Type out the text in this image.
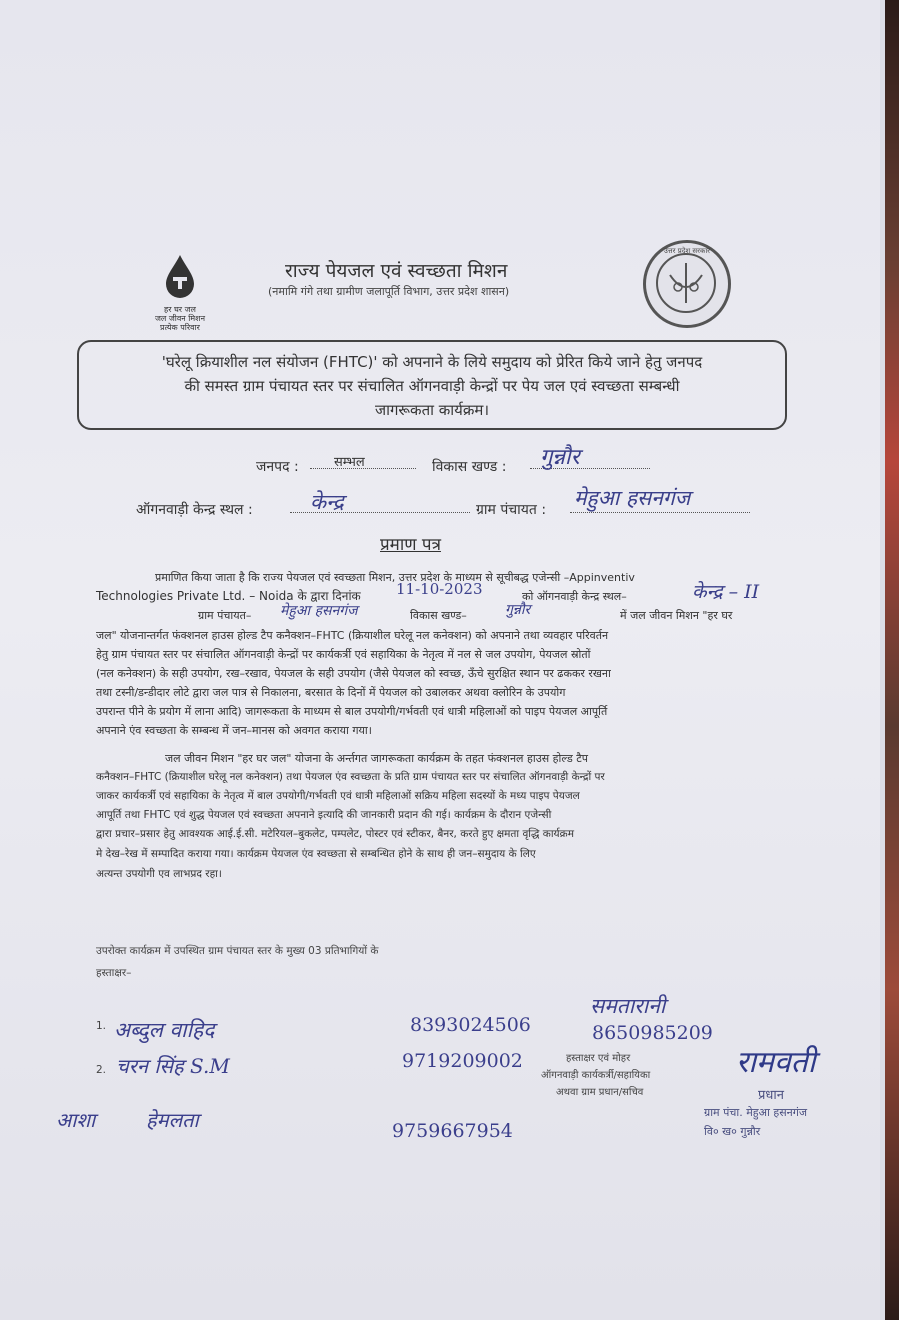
हर घर जल
जल जीवन मिशन
प्रत्येक परिवार
राज्य पेयजल एवं स्वच्छता मिशन
(नमामि गंगे तथा ग्रामीण जलापूर्ति विभाग, उत्तर प्रदेश शासन)
उत्तर प्रदेश सरकार
'घरेलू क्रियाशील नल संयोजन (FHTC)' को अपनाने के लिये समुदाय को प्रेरित किये जाने हेतु जनपद
की समस्त ग्राम पंचायत स्तर पर संचालित ऑगनवाड़ी केन्द्रों पर पेय जल एवं स्वच्छता सम्बन्धी
जागरूकता कार्यक्रम।
जनपद :	सम्भल	विकास खण्ड : गुन्नौर
ऑगनवाड़ी केन्द्र स्थल :	केन्द्र	ग्राम पंचायत : मेहुआ हसनगंज
प्रमाण पत्र
प्रमाणित किया जाता है कि राज्य पेयजल एवं स्वच्छता मिशन, उत्तर प्रदेश के माध्यम से सूचीबद्ध एजेन्सी –Appinventiv
Technologies Private Ltd. – Noida के द्वारा दिनांक 11-10-2023	को ऑगनवाड़ी केन्द्र स्थल–	केन्द्र – II
ग्राम पंचायत– मेहुआ हसनगंज	विकास खण्ड–	गुन्नौर	में जल जीवन मिशन "हर घर
जल" योजनान्तर्गत फंक्शनल हाउस होल्ड टैप कनैक्शन–FHTC (क्रियाशील घरेलू नल कनेक्शन) को अपनाने तथा व्यवहार परिवर्तन
हेतु ग्राम पंचायत स्तर पर संचालित ऑगनवाड़ी केन्द्रों पर कार्यकर्त्री एवं सहायिका के नेतृत्व में नल से जल उपयोग, पेयजल स्रोतों
(नल कनेक्शन) के सही उपयोग, रख–रखाव, पेयजल के सही उपयोग (जैसे पेयजल को स्वच्छ, ऊँचे सुरक्षित स्थान पर ढककर रखना
तथा टस्नी/डन्डीदार लोटे द्वारा जल पात्र से निकालना, बरसात के दिनों में पेयजल को उबालकर अथवा क्लोरिन के उपयोग
उपरान्त पीने के प्रयोग में लाना आदि) जागरूकता के माध्यम से बाल उपयोगी/गर्भवती एवं धात्री महिलाओं को पाइप पेयजल आपूर्ति
अपनाने एंव स्वच्छता के सम्बन्ध में जन–मानस को अवगत कराया गया।
जल जीवन मिशन "हर घर जल" योजना के अर्न्तगत जागरूकता कार्यक्रम के तहत फंक्शनल हाउस होल्ड टैप
कनैक्शन–FHTC (क्रियाशील घरेलू नल कनेक्शन) तथा पेयजल एंव स्वच्छता के प्रति ग्राम पंचायत स्तर पर संचालित ऑगनवाड़ी केन्द्रों पर
जाकर कार्यकर्त्री एवं सहायिका के नेतृत्व में बाल उपयोगी/गर्भवती एवं धात्री महिलाओं सक्रिय महिला सदस्यों के मध्य पाइप पेयजल
आपूर्ति तथा FHTC एवं शुद्ध पेयजल एवं स्वच्छता अपनाने इत्यादि की जानकारी प्रदान की गई। कार्यक्रम के दौरान एजेन्सी
द्वारा प्रचार–प्रसार हेतु आवश्यक आई.ई.सी. मटेरियल–बुकलेट, पम्पलेट, पोस्टर एवं स्टीकर, बैनर, करते हुए क्षमता वृद्धि कार्यक्रम
मे देख–रेख में सम्पादित कराया गया। कार्यक्रम पेयजल एंव स्वच्छता से सम्बन्धित होने के साथ ही जन–समुदाय के लिए
अत्यन्त उपयोगी एव लाभप्रद रहा।
उपरोक्त कार्यक्रम में उपस्थित ग्राम पंचायत स्तर के मुख्य 03 प्रतिभागियों के
हस्ताक्षर–
1. अब्दुल वाहिद	8393024506
2. चरन सिंह S.M	9719209002
आशा	हेमलता	9759667954
समतारानी
8650985209
हस्ताक्षर एवं मोहर
ऑगनवाड़ी कार्यकर्त्री/सहायिका
अथवा ग्राम प्रधान/सचिव
रामवती
प्रधान
ग्राम पंचा. मेहुआ हसनगंज
वि० ख० गुन्नौर
